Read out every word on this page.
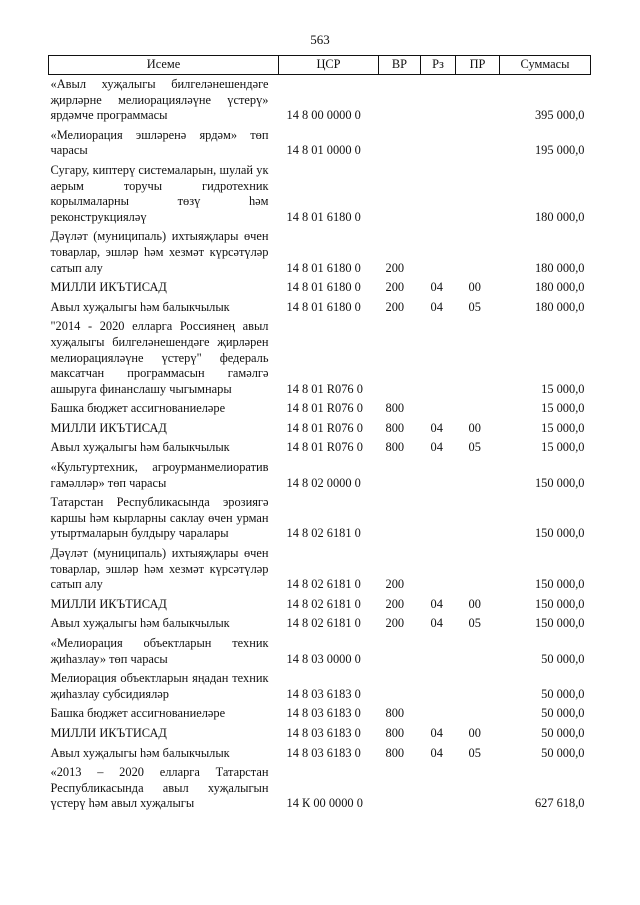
563
Исеме	ЦСР	ВР	Рз	ПР	Суммасы
«Авыл хуҗалыгы билгеләнешендәге җирләрне мелиорацияләүне үстерү» ярдәмче программасы	14 8 00 0000 0				395 000,0
«Мелиорация эшләренә ярдәм» төп чарасы	14 8 01 0000 0				195 000,0
Сугару, киптерү системаларын, шулай ук аерым торучы гидротехник корылмаларны төзү һәм реконструкцияләү	14 8 01 6180 0				180 000,0
Дәүләт (муниципаль) ихтыяҗлары өчен товарлар, эшләр һәм хезмәт күрсәтүләр сатып алу	14 8 01 6180 0	200			180 000,0
МИЛЛИ ИКЪТИСАД	14 8 01 6180 0	200	04	00	180 000,0
Авыл хуҗалыгы һәм балыкчылык	14 8 01 6180 0	200	04	05	180 000,0
"2014 - 2020 елларга Россиянең авыл хуҗалыгы билгеләнешендәге җирләрен мелиорацияләүне үстерү" федераль максатчан программасын гамәлгә ашыруга финанслашу чыгымнары	14 8 01 R076 0				15 000,0
Башка бюджет ассигнованиеләре	14 8 01 R076 0	800			15 000,0
МИЛЛИ ИКЪТИСАД	14 8 01 R076 0	800	04	00	15 000,0
Авыл хуҗалыгы һәм балыкчылык	14 8 01 R076 0	800	04	05	15 000,0
«Культуртехник, агроурманмелиоратив гамәлләр» төп чарасы	14 8 02 0000 0				150 000,0
Татарстан Республикасында эрозиягә каршы һәм кырларны саклау өчен урман утыртмаларын булдыру чаралары	14 8 02 6181 0				150 000,0
Дәүләт (муниципаль) ихтыяҗлары өчен товарлар, эшләр һәм хезмәт күрсәтүләр сатып алу	14 8 02 6181 0	200			150 000,0
МИЛЛИ ИКЪТИСАД	14 8 02 6181 0	200	04	00	150 000,0
Авыл хуҗалыгы һәм балыкчылык	14 8 02 6181 0	200	04	05	150 000,0
«Мелиорация объектларын техник җиһазлау» төп чарасы	14 8 03 0000 0				50 000,0
Мелиорация объектларын яңадан техник җиһазлау субсидияләр	14 8 03 6183 0				50 000,0
Башка бюджет ассигнованиеләре	14 8 03 6183 0	800			50 000,0
МИЛЛИ ИКЪТИСАД	14 8 03 6183 0	800	04	00	50 000,0
Авыл хуҗалыгы һәм балыкчылык	14 8 03 6183 0	800	04	05	50 000,0
«2013 – 2020 елларга Татарстан Республикасында авыл хуҗалыгын үстерү һәм авыл хуҗалыгы	14 К 00 0000 0				627 618,0
